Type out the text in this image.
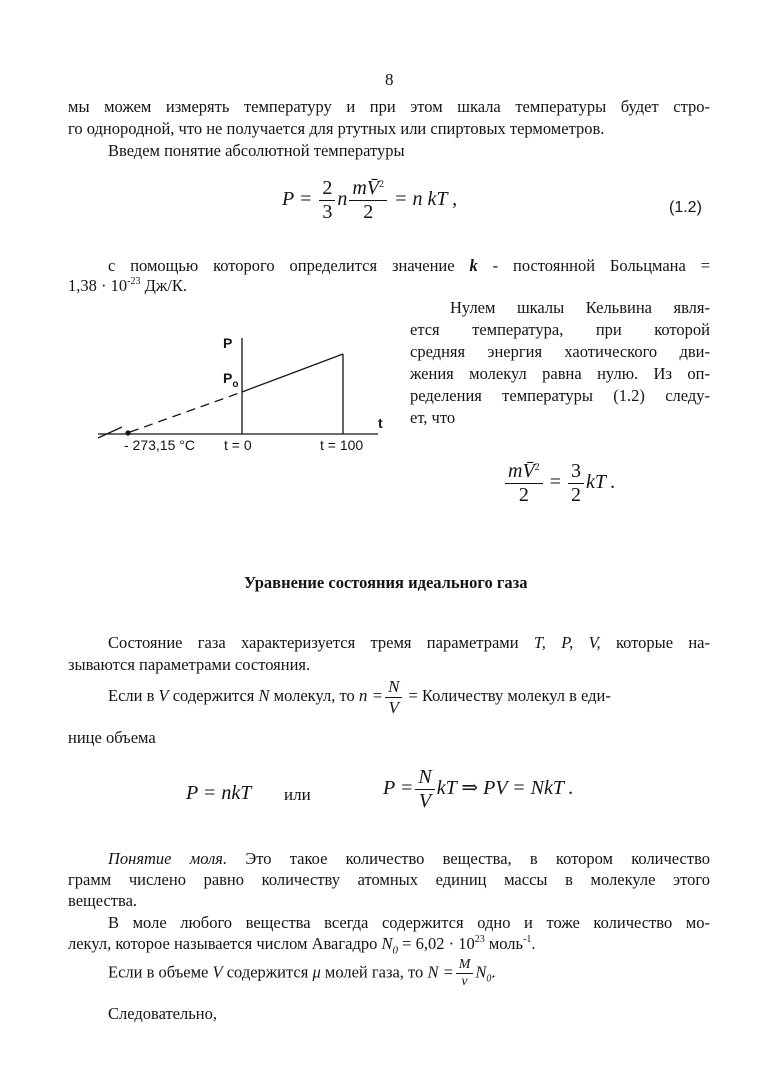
8
мы можем измерять температуру и при этом шкала температуры будет стро-
го однородной, что не получается для ртутных или спиртовых термометров.
Введем понятие абсолютной температуры
$P = \frac{2}{3}$ n $\frac{mV̄^2}{2} = n$ kT ,	(1.2)
с помощью которого определится значение k - постоянной Больцмана =
$1,38 \cdot 10^{-23}$ Дж/К.
Нулем шкалы Кельвина явля-
ется температура, при которой
средняя энергия хаотического дви-
жения молекул равна нулю. Из оп-
ределения температуры (1.2) следу-
ет, что
P
$P_o$
t
- 273,15 °C t = 0	t = 100
$\frac{mV̄^2}{2} = \frac{3}{2}$ kT .
Уравнение состояния идеального газа
Состояние газа характеризуется тремя параметрами T, P, V, которые на-
зываются параметрами состояния.
Если в V содержится N молекул, то $n = \frac{N}{V}$ = Количеству молекул в еди-
нице объема
P = nkT или	$P = \frac{N}{V}$ kT ⇒ PV = NkT .
Понятие моля. Это такое количество вещества, в котором количество
грамм числено равно количеству атомных единиц массы в молекуле этого
вещества.
В моле любого вещества всегда содержится одно и тоже количество мо-
лекул, которое называется числом Авагадро $N_0 = 6,02 \cdot 10^{23}$ моль$^{-1}$.
Если в объеме V содержится μ молей газа, то $N = \frac{M}{\nu} N_0$.
Следовательно,
